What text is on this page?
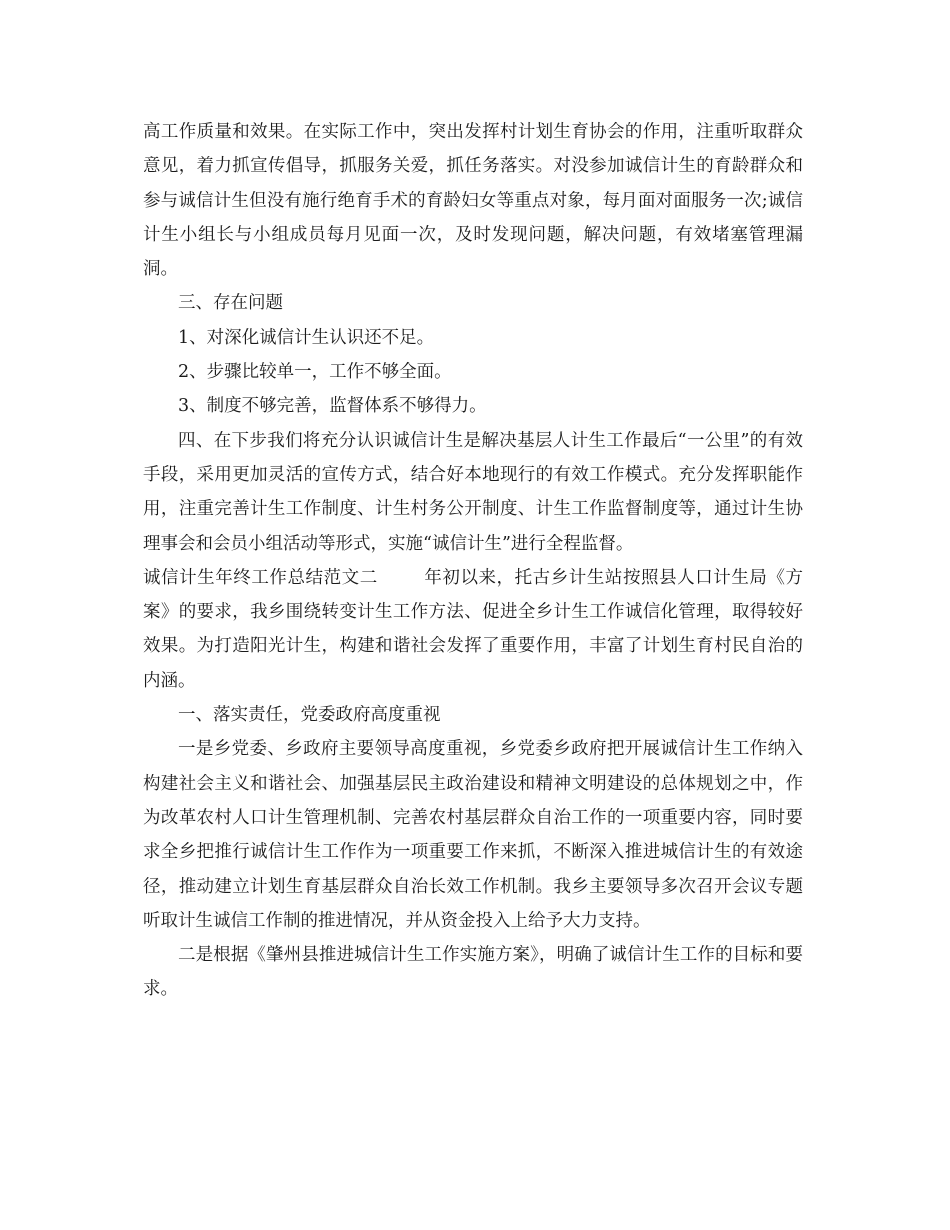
高工作质量和效果。在实际工作中，突出发挥村计划生育协会的作用，注重听取群众意见，着力抓宣传倡导，抓服务关爱，抓任务落实。对没参加诚信计生的育龄群众和参与诚信计生但没有施行绝育手术的育龄妇女等重点对象，每月面对面服务一次;诚信计生小组长与小组成员每月见面一次，及时发现问题，解决问题，有效堵塞管理漏洞。

三、存在问题

1、对深化诚信计生认识还不足。

2、步骤比较单一，工作不够全面。

3、制度不够完善，监督体系不够得力。

四、在下步我们将充分认识诚信计生是解决基层人计生工作最后“一公里”的有效手段，采用更加灵活的宣传方式，结合好本地现行的有效工作模式。充分发挥职能作用，注重完善计生工作制度、计生村务公开制度、计生工作监督制度等，通过计生协理事会和会员小组活动等形式，实施“诚信计生”进行全程监督。

诚信计生年终工作总结范文二	年初以来，托古乡计生站按照县人口计生局《方案》的要求，我乡围绕转变计生工作方法、促进全乡计生工作诚信化管理，取得较好效果。为打造阳光计生，构建和谐社会发挥了重要作用，丰富了计划生育村民自治的内涵。

一、落实责任，党委政府高度重视

一是乡党委、乡政府主要领导高度重视，乡党委乡政府把开展诚信计生工作纳入构建社会主义和谐社会、加强基层民主政治建设和精神文明建设的总体规划之中，作为改革农村人口计生管理机制、完善农村基层群众自治工作的一项重要内容，同时要求全乡把推行诚信计生工作作为一项重要工作来抓，不断深入推进城信计生的有效途径，推动建立计划生育基层群众自治长效工作机制。我乡主要领导多次召开会议专题听取计生诚信工作制的推进情况，并从资金投入上给予大力支持。

二是根据《肇州县推进城信计生工作实施方案》，明确了诚信计生工作的目标和要求。
